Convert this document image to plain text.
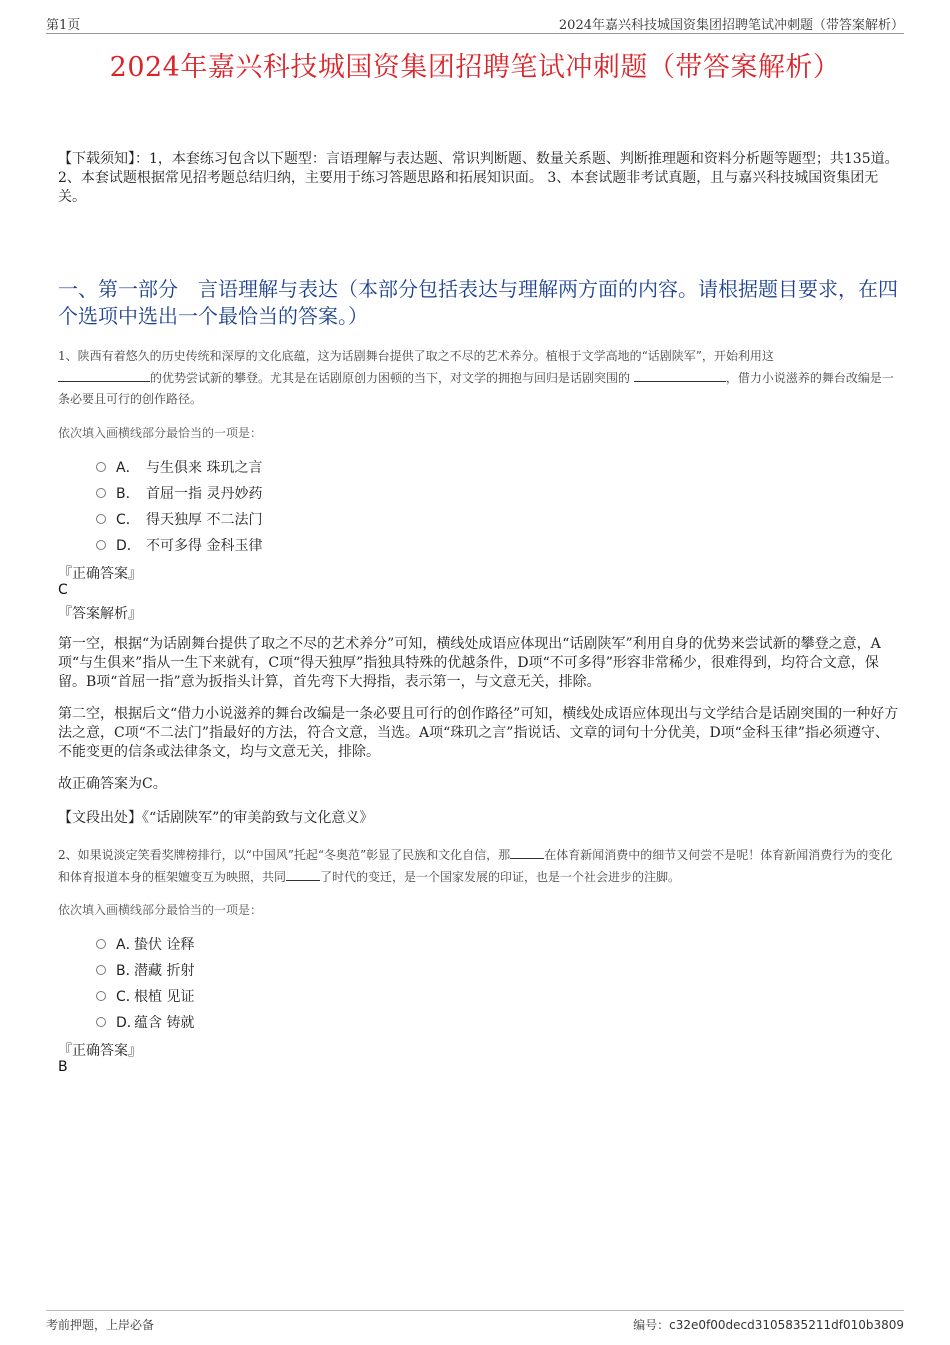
第1页	2024年嘉兴科技城国资集团招聘笔试冲刺题（带答案解析）
2024年嘉兴科技城国资集团招聘笔试冲刺题（带答案解析）
【下载须知】：1，本套练习包含以下题型：言语理解与表达题、常识判断题、数量关系题、判断推理题和资料分析题等题型；共135道。 2、本套试题根据常见招考题总结归纳，主要用于练习答题思路和拓展知识面。 3、本套试题非考试真题，且与嘉兴科技城国资集团无关。
一、第一部分　言语理解与表达（本部分包括表达与理解两方面的内容。请根据题目要求，在四个选项中选出一个最恰当的答案。）
1、陕西有着悠久的历史传统和深厚的文化底蕴，这为话剧舞台提供了取之不尽的艺术养分。植根于文学高地的“话剧陕军”，开始利用这
的优势尝试新的攀登。尤其是在话剧原创力困顿的当下，对文学的拥抱与回归是话剧突围的	，借力小说滋养的舞台改编是一条必要且可行的创作路径。
依次填入画横线部分最恰当的一项是：
A． 与生俱来 珠玑之言
B． 首屈一指 灵丹妙药
C． 得天独厚 不二法门
D． 不可多得 金科玉律
『正确答案』
C
『答案解析』
第一空，根据“为话剧舞台提供了取之不尽的艺术养分”可知，横线处成语应体现出“话剧陕军”利用自身的优势来尝试新的攀登之意，A项“与生俱来”指从一生下来就有，C项“得天独厚”指独具特殊的优越条件，D项“不可多得”形容非常稀少，很难得到，均符合文意，保留。B项“首屈一指”意为扳指头计算，首先弯下大拇指，表示第一，与文意无关，排除。
第二空，根据后文“借力小说滋养的舞台改编是一条必要且可行的创作路径”可知，横线处成语应体现出与文学结合是话剧突围的一种好方法之意，C项“不二法门”指最好的方法，符合文意，当选。A项“珠玑之言”指说话、文章的词句十分优美，D项“金科玉律”指必须遵守、不能变更的信条或法律条文，均与文意无关，排除。
故正确答案为C。
【文段出处】《“话剧陕军”的审美韵致与文化意义》
2、如果说淡定笑看奖牌榜排行，以“中国风”托起“冬奥范”彰显了民族和文化自信，那	在体育新闻消费中的细节又何尝不是呢！体育新闻消费行为的变化和体育报道本身的框架嬗变互为映照，共同	了时代的变迁，是一个国家发展的印证，也是一个社会进步的注脚。
依次填入画横线部分最恰当的一项是：
A．
蛰伏 诠释
B．
潜藏 折射
C．
根植 见证
D．
蕴含 铸就
『正确答案』
B
考前押题，上岸必备	编号：c32e0f00decd3105835211df010b3809
